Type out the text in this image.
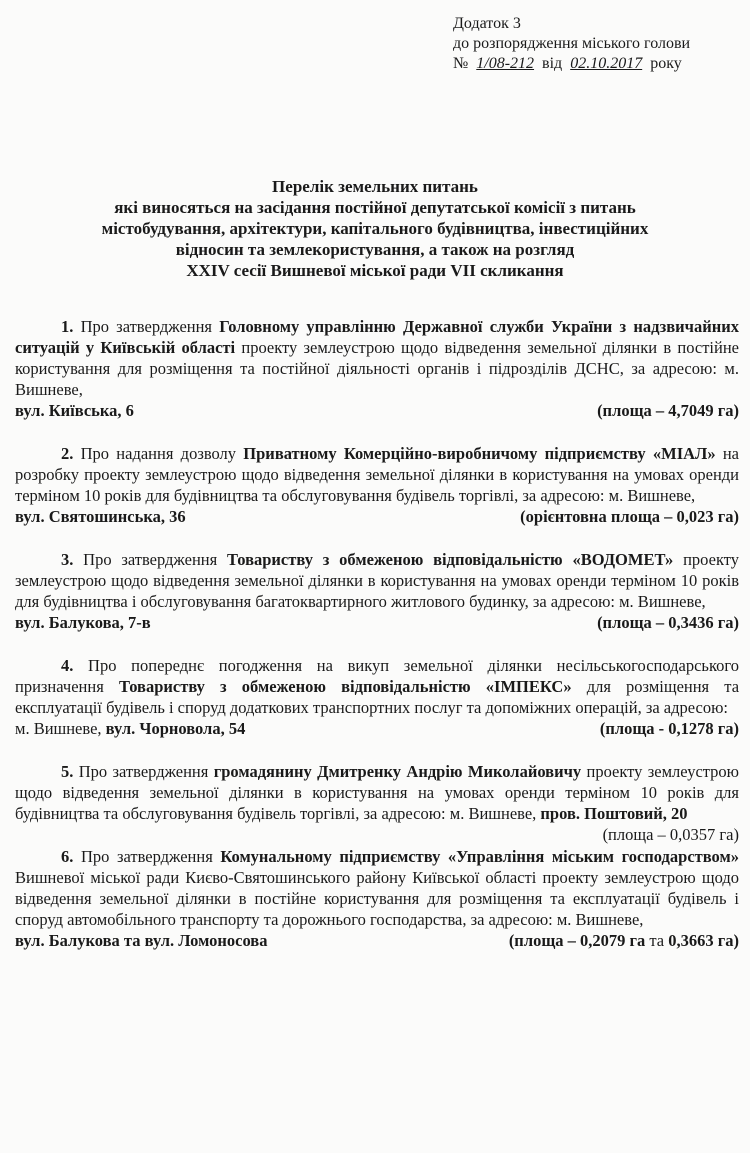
Додаток 3
до розпорядження міського голови
№ 1/08-212 від 02.10.2017 року
Перелік земельних питань
які виносяться на засідання постійної депутатської комісії з питань
містобудування, архітектури, капітального будівництва, інвестиційних
відносин та землекористування, а також на розгляд
XXIV сесії Вишневої міської ради VII скликання
1. Про затвердження Головному управлінню Державної служби України з надзвичайних ситуацій у Київській області проекту землеустрою щодо відведення земельної ділянки в постійне користування для розміщення та постійної діяльності органів і підрозділів ДСНС, за адресою: м. Вишневе,
вул. Київська, 6	(площа – 4,7049 га)
2. Про надання дозволу Приватному Комерційно-виробничому підприємству «МІАЛ» на розробку проекту землеустрою щодо відведення земельної ділянки в користування на умовах оренди терміном 10 років для будівництва та обслуговування будівель торгівлі, за адресою: м. Вишневе,
вул. Святошинська, 36	(орієнтовна площа – 0,023 га)
3. Про затвердження Товариству з обмеженою відповідальністю «ВОДОМЕТ» проекту землеустрою щодо відведення земельної ділянки в користування на умовах оренди терміном 10 років для будівництва і обслуговування багатоквартирного житлового будинку, за адресою: м. Вишневе,
вул. Балукова, 7-в	(площа – 0,3436 га)
4. Про попереднє погодження на викуп земельної ділянки несільськогосподарського призначення Товариству з обмеженою відповідальністю «ІМПЕКС» для розміщення та експлуатації будівель і споруд додаткових транспортних послуг та допоміжних операцій, за адресою:
м. Вишневе, вул. Чорновола, 54	(площа - 0,1278 га)
5. Про затвердження громадянину Дмитренку Андрію Миколайовичу проекту землеустрою щодо відведення земельної ділянки в користування на умовах оренди терміном 10 років для будівництва та обслуговування будівель торгівлі, за адресою: м. Вишневе, пров. Поштовий, 20
(площа – 0,0357 га)
6. Про затвердження Комунальному підприємству «Управління міським господарством» Вишневої міської ради Києво-Святошинського району Київської області проекту землеустрою щодо відведення земельної ділянки в постійне користування для розміщення та експлуатації будівель і споруд автомобільного транспорту та дорожнього господарства, за адресою: м. Вишневе,
вул. Балукова та вул. Ломоносова	(площа – 0,2079 га та 0,3663 га)
